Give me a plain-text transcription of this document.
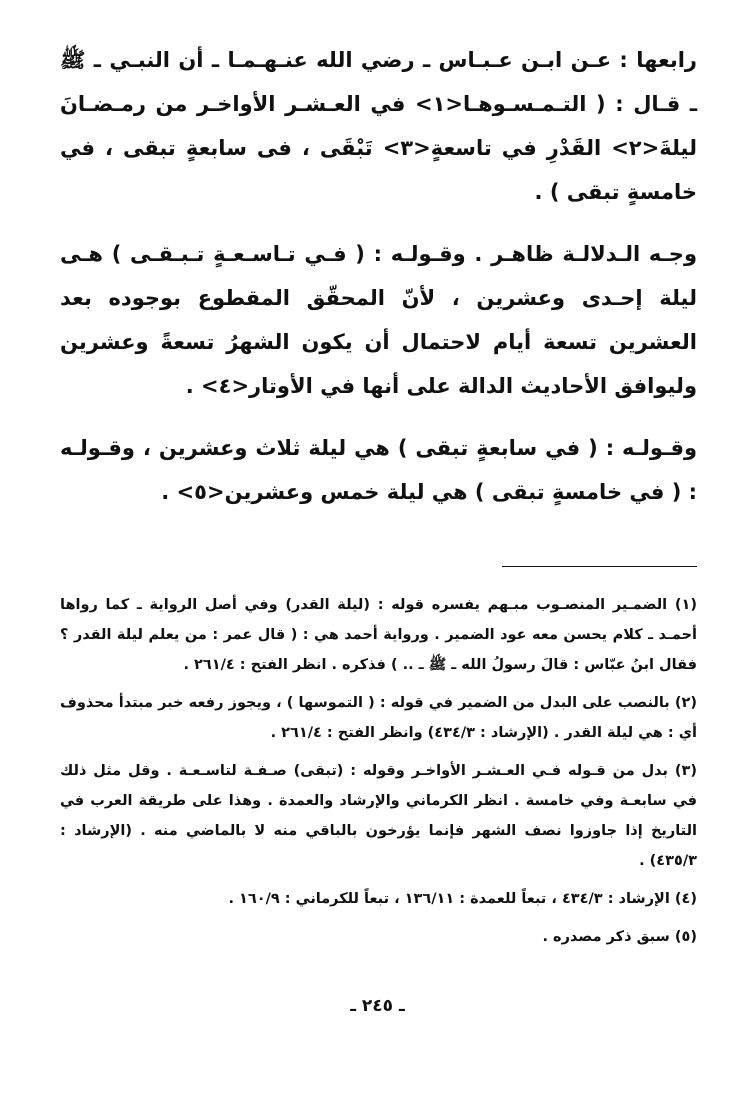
رابعها : عـن ابـن عـبـاس ـ رضي الله عنـهـمـا ـ أن النبـي ـ ﷺ ـ قـال : ( التـمـسـوهـا<١> في العـشـر الأواخـر من رمـضـانَ ليلةَ<٢> القَدْرِ في تاسعةٍ<٣> تَبْقَى ، فى سابعةٍ تبقى ، في خامسةٍ تبقى ) .

وجـه الـدلالـة ظاهـر . وقـولـه : ( فـي تـاسـعـةٍ تـبـقـى ) هـى ليلة إحـدى وعشرين ، لأنّ المحقّق المقطوع بوجوده بعد العشرين تسعة أيام لاحتمال أن يكون الشهرُ تسعةً وعشرين وليوافق الأحاديث الدالة على أنها في الأوتار<٤> .

وقـولـه : ( في سابعةٍ تبقى ) هي ليلة ثلاث وعشرين ، وقـولـه : ( في خامسةٍ تبقى ) هي ليلة خمس وعشرين<٥> .

(١) الضمـير المنصـوب مبـهم يفسره قوله : (ليلة القدر) وفي أصل الرواية ـ كما رواها أحمـد ـ كلام يحسن معه عود الضمير . ورواية أحمد هي : ( قال عمر : من يعلم ليلة القدر ؟ فقال ابنُ عبّاس : قالَ رسولُ الله ـ ﷺ ـ .. ) فذكره . انظر الفتح : ٢٦١/٤ .

(٢) بالنصب على البدل من الضمير في قوله : ( التموسها ) ، ويجوز رفعه خبر مبتدأ محذوف أي : هي ليلة القدر . (الإرشاد : ٤٣٤/٣) وانظر الفتح : ٢٦١/٤ .

(٣) بدل من قـوله فـي العـشـر الأواخـر وقوله : (تبقى) صـفـة لتاسـعـة . وقل مثل ذلك في سابعـة وفي خامسة . انظر الكرماني والإرشاد والعمدة . وهذا على طريقة العرب في التاريخ إذا جاوزوا نصف الشهر فإنما يؤرخون بالباقي منه لا بالماضي منه . (الإرشاد : ٤٣٥/٣) .

(٤) الإرشاد : ٤٣٤/٣ ، تبعاً للعمدة : ١٣٦/١١ ، تبعاً للكرماني : ١٦٠/٩ .

(٥) سبق ذكر مصدره .

ـ ٢٤٥ ـ
